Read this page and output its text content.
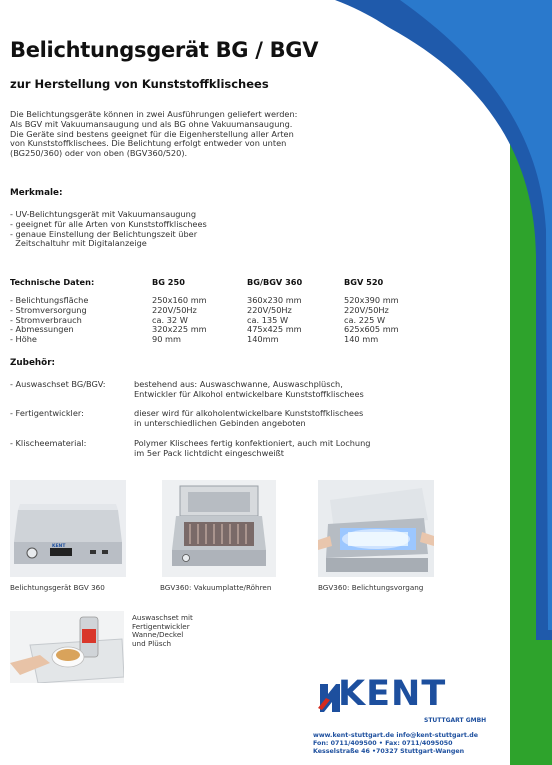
Belichtungsgerät BG / BGV
zur Herstellung von Kunststoffklischees
Die Belichtungsgeräte können in zwei Ausführungen geliefert werden:
Als BGV mit Vakuumansaugung und als BG ohne Vakuumansaugung.
Die Geräte sind bestens geeignet für die Eigenherstellung aller Arten
von Kunststoffklischees. Die Belichtung erfolgt entweder von unten
(BG250/360) oder von oben (BGV360/520).
Merkmale:
- UV-Belichtungsgerät mit Vakuumansaugung
- geeignet für alle Arten von Kunststoffklischees
- genaue Einstellung der Belichtungszeit über
Zeitschaltuhr mit Digitalanzeige
Technische Daten:	BG 250	BG/BGV 360	BGV 520
- Belichtungsfläche	250x160 mm	360x230 mm	520x390 mm
- Stromversorgung	220V/50Hz	220V/50Hz	220V/50Hz
- Stromverbrauch	ca. 32 W	ca. 135 W	ca. 225 W
- Abmessungen	320x225 mm	475x425 mm	625x605 mm
- Höhe	90 mm	140mm	140 mm
Zubehör:
- Auswaschset BG/BGV:	bestehend aus: Auswaschwanne, Auswaschplüsch,
Entwickler für Alkohol entwickelbare Kunststoffklischees
- Fertigentwickler:	dieser wird für alkoholentwickelbare Kunststoffklischees
in unterschiedlichen Gebinden angeboten
- Klischeematerial:	Polymer Klischees fertig konfektioniert, auch mit Lochung
im 5er Pack lichtdicht eingeschweißt
KENT
Belichtungsgerät BGV 360	BGV360: Vakuumplatte/Röhren	BGV360: Belichtungsvorgang
Auswaschset mit
Fertigentwickler
Wanne/Deckel
und Plüsch
KENT
STUTTGART GMBH
www.kent-stuttgart.de info@kent-stuttgart.de
Fon: 0711/409500 • Fax: 0711/4095050
Kesselstraße 46 •70327 Stuttgart-Wangen
